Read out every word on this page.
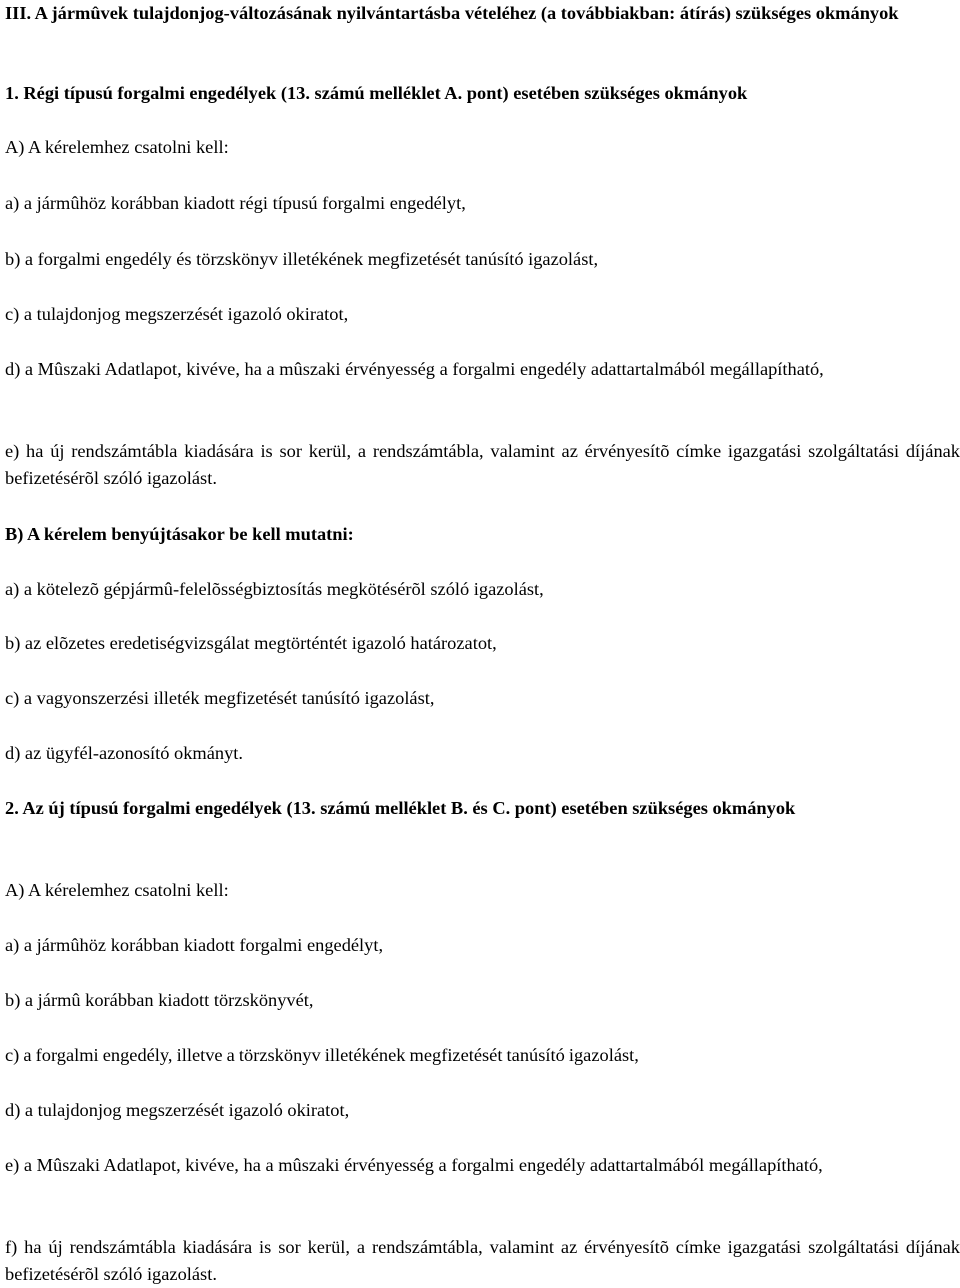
III. A jármûvek tulajdonjog-változásának nyilvántartásba vételéhez (a továbbiakban: átírás) szükséges okmányok

1. Régi típusú forgalmi engedélyek (13. számú melléklet A. pont) esetében szükséges okmányok

A) A kérelemhez csatolni kell:

a) a jármûhöz korábban kiadott régi típusú forgalmi engedélyt,

b) a forgalmi engedély és törzskönyv illetékének megfizetését tanúsító igazolást,

c) a tulajdonjog megszerzését igazoló okiratot,

d) a Mûszaki Adatlapot, kivéve, ha a mûszaki érvényesség a forgalmi engedély adattartalmából megállapítható,

e) ha új rendszámtábla kiadására is sor kerül, a rendszámtábla, valamint az érvényesítõ címke igazgatási szolgáltatási díjának befizetésérõl szóló igazolást.

B) A kérelem benyújtásakor be kell mutatni:

a) a kötelezõ gépjármû-felelõsségbiztosítás megkötésérõl szóló igazolást,

b) az elõzetes eredetiségvizsgálat megtörténtét igazoló határozatot,

c) a vagyonszerzési illeték megfizetését tanúsító igazolást,

d) az ügyfél-azonosító okmányt.

2. Az új típusú forgalmi engedélyek (13. számú melléklet B. és C. pont) esetében szükséges okmányok

A) A kérelemhez csatolni kell:

a) a jármûhöz korábban kiadott forgalmi engedélyt,

b) a jármû korábban kiadott törzskönyvét,

c) a forgalmi engedély, illetve a törzskönyv illetékének megfizetését tanúsító igazolást,

d) a tulajdonjog megszerzését igazoló okiratot,

e) a Mûszaki Adatlapot, kivéve, ha a mûszaki érvényesség a forgalmi engedély adattartalmából megállapítható,

f) ha új rendszámtábla kiadására is sor kerül, a rendszámtábla, valamint az érvényesítõ címke igazgatási szolgáltatási díjának befizetésérõl szóló igazolást.
